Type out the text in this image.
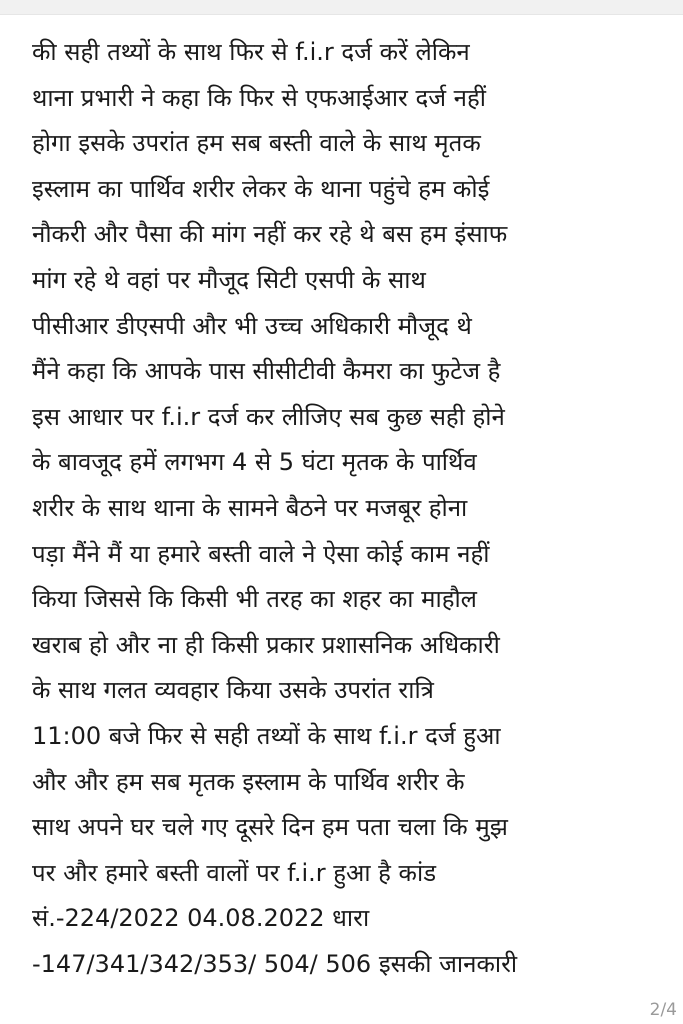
की सही तथ्यों के साथ फिर से f.i.r दर्ज करें लेकिन
थाना प्रभारी ने कहा कि फिर से एफआईआर दर्ज नहीं
होगा इसके उपरांत हम सब बस्ती वाले के साथ मृतक
इस्लाम का पार्थिव शरीर लेकर के थाना पहुंचे हम कोई
नौकरी और पैसा की मांग नहीं कर रहे थे बस हम इंसाफ
मांग रहे थे वहां पर मौजूद सिटी एसपी के साथ
पीसीआर डीएसपी और भी उच्च अधिकारी मौजूद थे
मैंने कहा कि आपके पास सीसीटीवी कैमरा का फुटेज है
इस आधार पर f.i.r दर्ज कर लीजिए सब कुछ सही होने
के बावजूद हमें लगभग 4 से 5 घंटा मृतक के पार्थिव
शरीर के साथ थाना के सामने बैठने पर मजबूर होना
पड़ा मैंने मैं या हमारे बस्ती वाले ने ऐसा कोई काम नहीं
किया जिससे कि किसी भी तरह का शहर का माहौल
खराब हो और ना ही किसी प्रकार प्रशासनिक अधिकारी
के साथ गलत व्यवहार किया उसके उपरांत रात्रि
11:00 बजे फिर से सही तथ्यों के साथ f.i.r दर्ज हुआ
और और हम सब मृतक इस्लाम के पार्थिव शरीर के
साथ अपने घर चले गए दूसरे दिन हम पता चला कि मुझ
पर और हमारे बस्ती वालों पर f.i.r हुआ है कांड
सं.-224/2022 04.08.2022 धारा
-147/341/342/353/ 504/ 506 इसकी जानकारी
2/4
